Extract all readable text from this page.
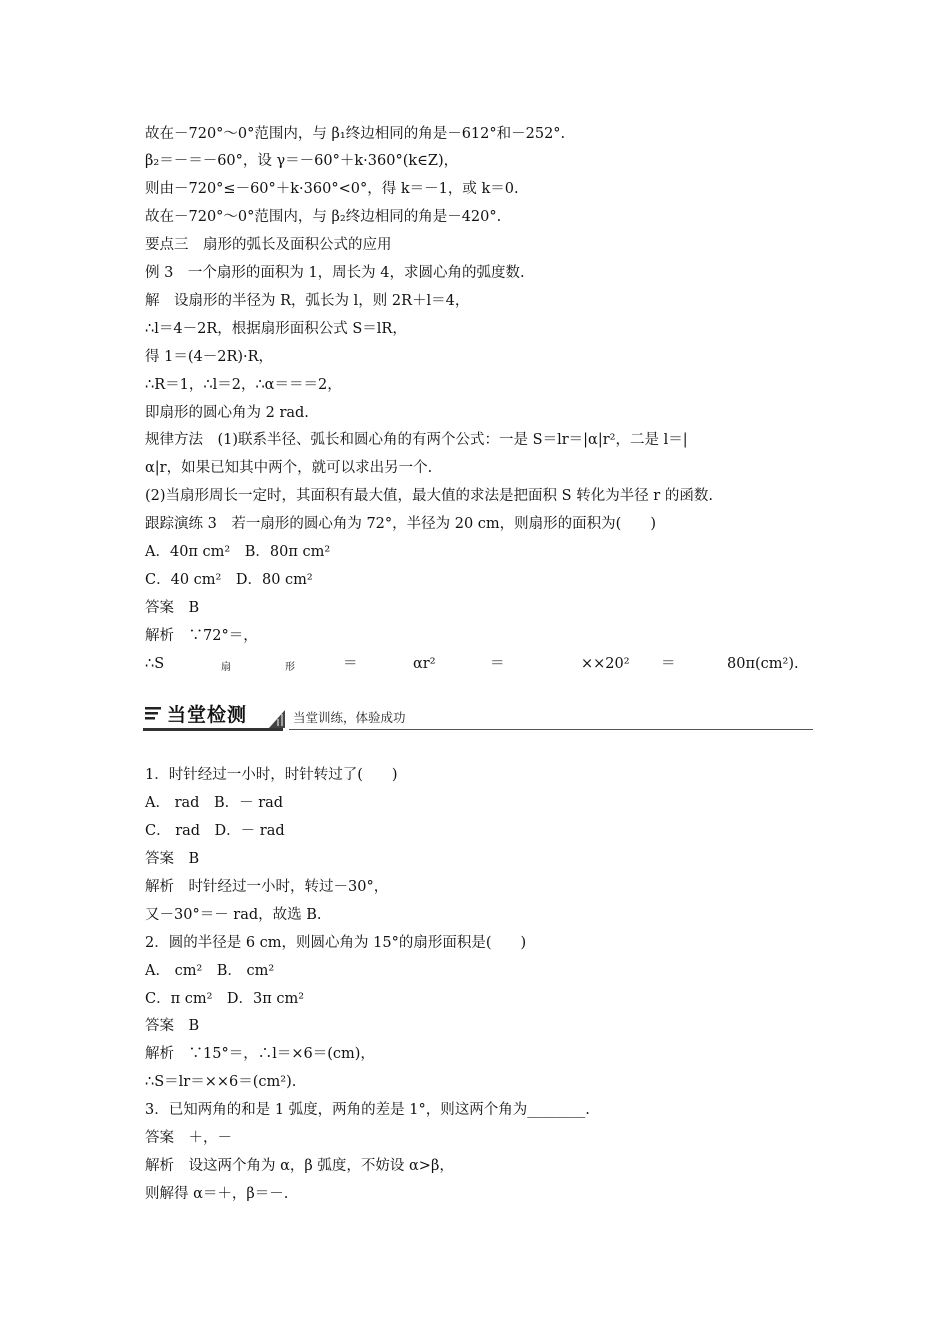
故在－720°～0°范围内，与 β₁终边相同的角是－612°和－252°.
β₂＝－＝－60°，设 γ＝－60°＋k·360°(k∈Z)，
则由－720°≤－60°＋k·360°<0°，得 k＝－1，或 k＝0.
故在－720°～0°范围内，与 β₂终边相同的角是－420°.
要点三　扇形的弧长及面积公式的应用
例 3　一个扇形的面积为 1，周长为 4，求圆心角的弧度数.
解　设扇形的半径为 R，弧长为 l，则 2R＋l＝4，
∴l＝4－2R，根据扇形面积公式 S＝lR，
得 1＝(4－2R)·R，
∴R＝1，∴l＝2，∴α＝＝＝2，
即扇形的圆心角为 2 rad.
规律方法　(1)联系半径、弧长和圆心角的有两个公式：一是 S＝lr＝|α|r²，二是 l＝|
α|r，如果已知其中两个，就可以求出另一个.
(2)当扇形周长一定时，其面积有最大值，最大值的求法是把面积 S 转化为半径 r 的函数.
跟踪演练 3　若一扇形的圆心角为 72°，半径为 20 cm，则扇形的面积为(　　)
A．40π cm²　B．80π cm²
C．40 cm²　D．80 cm²
答案　B
解析　∵72°＝，
∴S	扇	形	＝	αr²	＝	××20² ＝	80π(cm²).
当堂检测	当堂训练，体验成功
1．时针经过一小时，时针转过了(　　)
A． rad　B．－ rad
C． rad　D．－ rad
答案　B
解析　时针经过一小时，转过－30°，
又－30°＝－ rad，故选 B.
2．圆的半径是 6 cm，则圆心角为 15°的扇形面积是(　　)
A． cm²　B． cm²
C．π cm²　D．3π cm²
答案　B
解析　∵15°＝，∴l＝×6＝(cm)，
∴S＝lr＝××6＝(cm²).
3．已知两角的和是 1 弧度，两角的差是 1°，则这两个角为________.
答案　＋，－
解析　设这两个角为 α，β 弧度，不妨设 α>β，
则解得 α＝＋，β＝－.
